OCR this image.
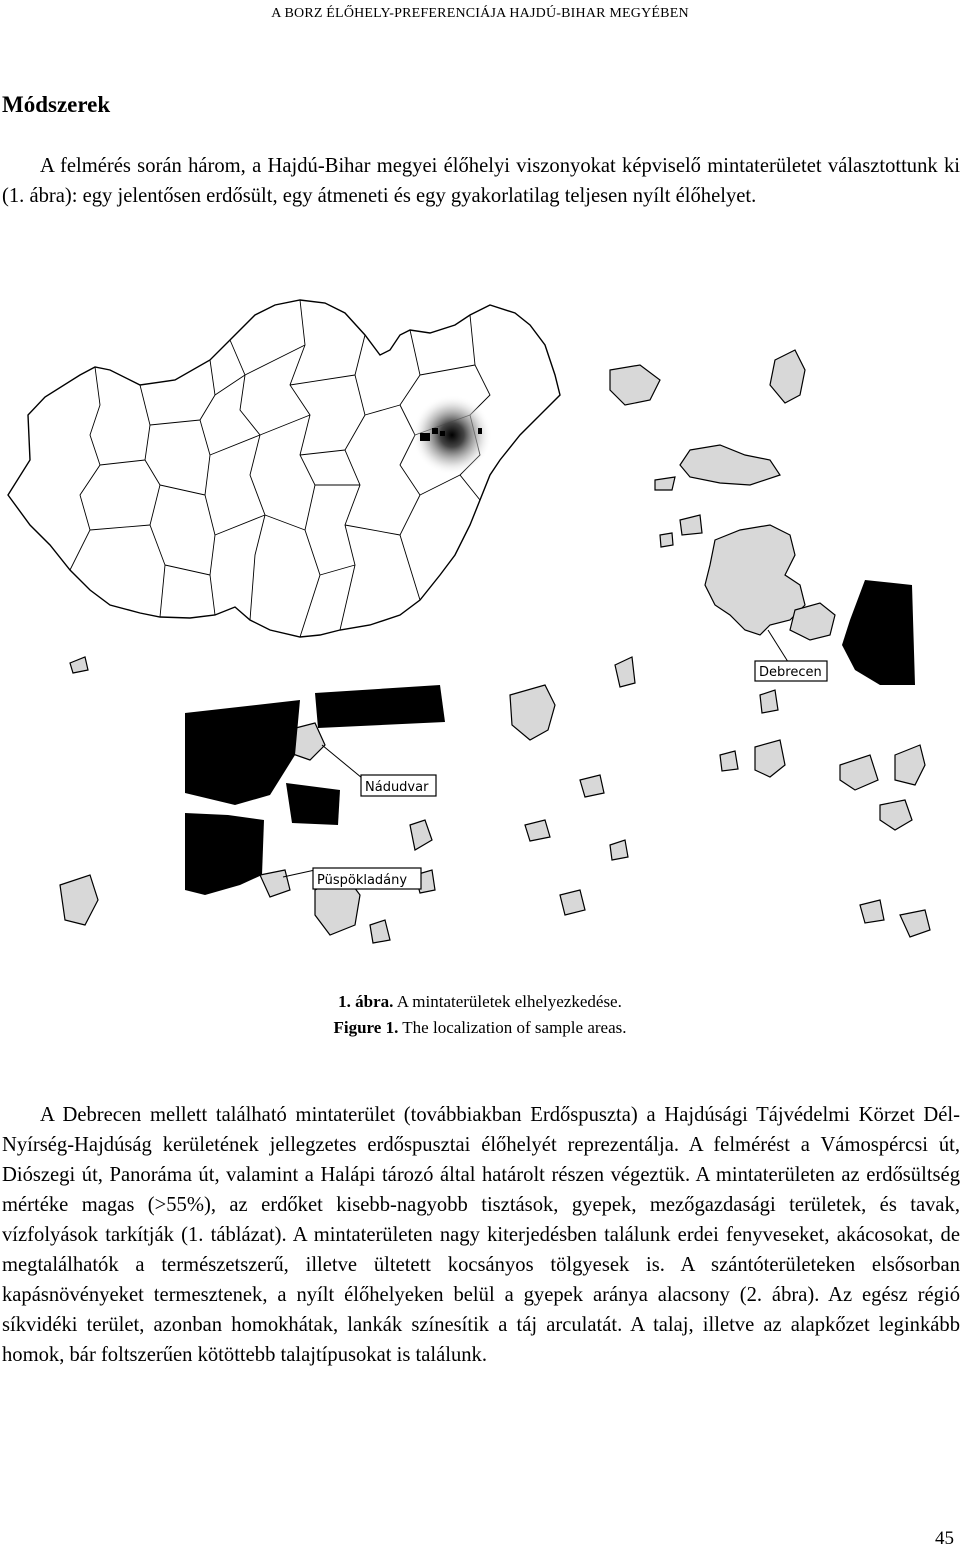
A BORZ ÉLŐHELY-PREFERENCIÁJA HAJDÚ-BIHAR MEGYÉBEN
Módszerek

A felmérés során három, a Hajdú-Bihar megyei élőhelyi viszonyokat képviselő mintaterületet választottunk ki (1. ábra): egy jelentősen erdősült, egy átmeneti és egy gyakorlatilag teljesen nyílt élőhelyet.

Debrecen
Nádudvar
Püspökladány
1. ábra. A mintaterületek elhelyezkedése.
Figure 1. The localization of sample areas.

A Debrecen mellett található mintaterület (továbbiakban Erdőspuszta) a Hajdúsági Tájvédelmi Körzet Dél-Nyírség-Hajdúság kerületének jellegzetes erdőspusztai élőhelyét reprezentálja. A felmérést a Vámospércsi út, Diószegi út, Panoráma út, valamint a Halápi tározó által határolt részen végeztük. A mintaterületen az erdősültség mértéke magas (>55%), az erdőket kisebb-nagyobb tisztások, gyepek, mezőgazdasági területek, és tavak, vízfolyások tarkítják (1. táblázat). A mintaterületen nagy kiterjedésben találunk erdei fenyveseket, akácosokat, de megtalálhatók a természetszerű, illetve ültetett kocsányos tölgyesek is. A szántóterületeken elsősorban kapásnövényeket termesztenek, a nyílt élőhelyeken belül a gyepek aránya alacsony (2. ábra). Az egész régió síkvidéki terület, azonban homokhátak, lankák színesítik a táj arculatát. A talaj, illetve az alapkőzet leginkább homok, bár foltszerűen kötöttebb talajtípusokat is találunk.

45
